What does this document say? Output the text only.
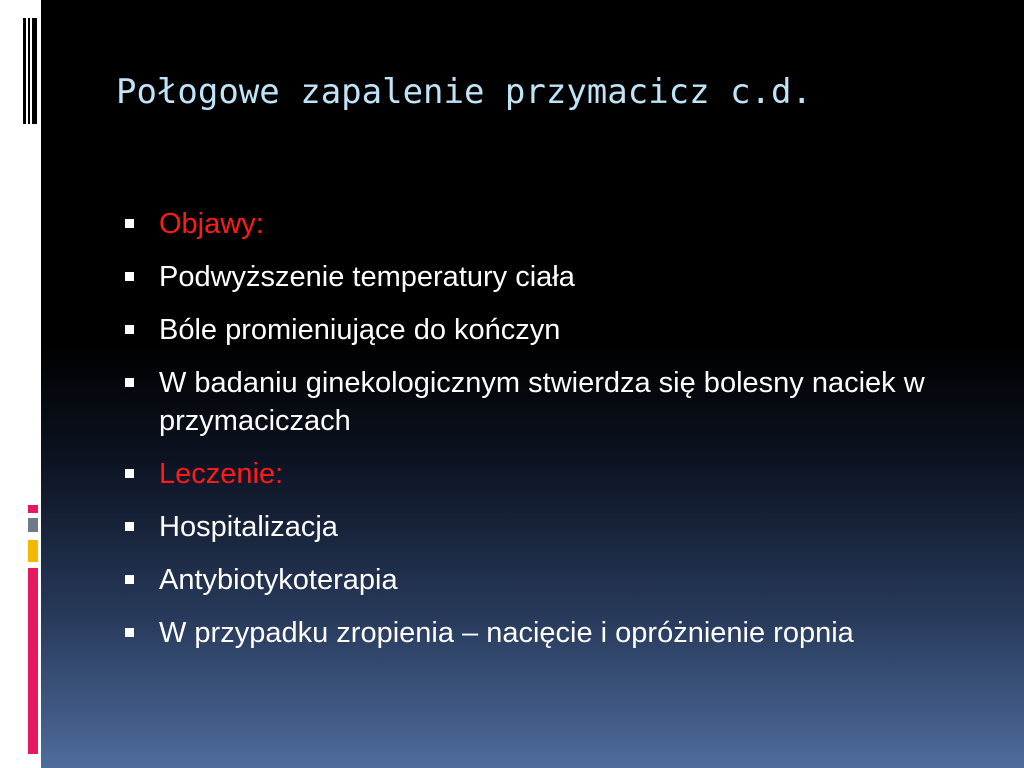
Połogowe zapalenie przymacicz c.d.
Objawy:
Podwyższenie temperatury ciała
Bóle promieniujące do kończyn
W badaniu ginekologicznym stwierdza się bolesny naciek w przymaciczach
Leczenie:
Hospitalizacja
Antybiotykoterapia
W przypadku zropienia – nacięcie i opróżnienie ropnia
